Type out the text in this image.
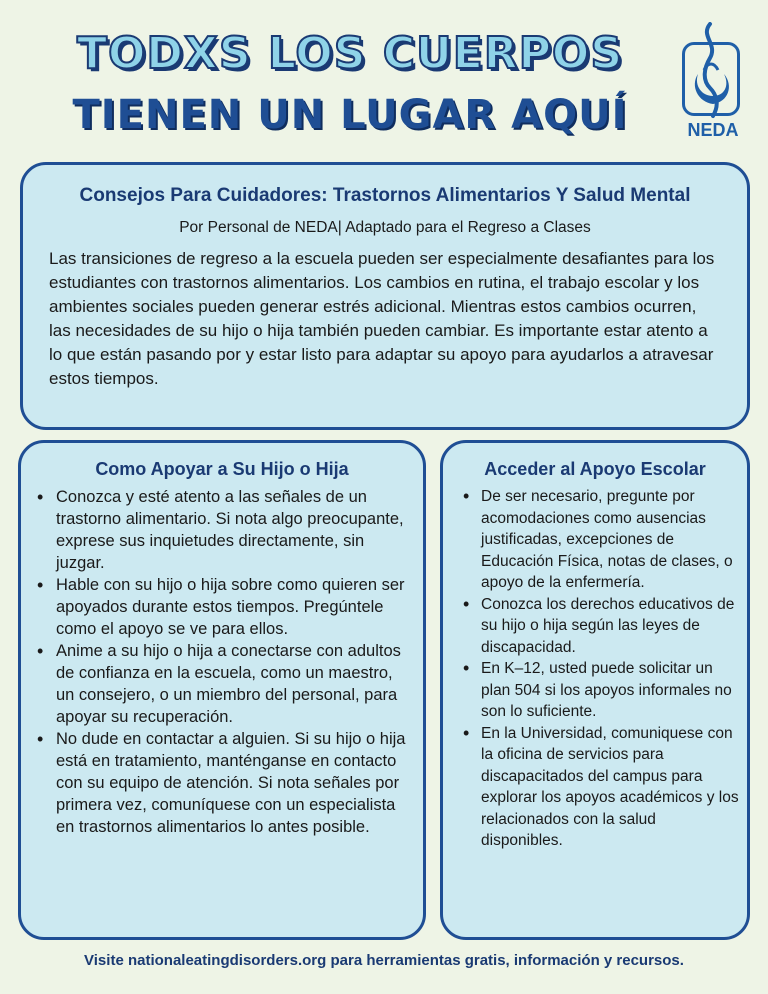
TODXS LOS CUERPOS
TIENEN UN LUGAR AQUÍ	NEDA
Consejos Para Cuidadores: Trastornos Alimentarios Y Salud Mental
Por Personal de NEDA| Adaptado para el Regreso a Clases
Las transiciones de regreso a la escuela pueden ser especialmente desafiantes para los estudiantes con trastornos alimentarios. Los cambios en rutina, el trabajo escolar y los ambientes sociales pueden generar estrés adicional. Mientras estos cambios ocurren, las necesidades de su hijo o hija también pueden cambiar. Es importante estar atento a lo que están pasando por y estar listo para adaptar su apoyo para ayudarlos a atravesar estos tiempos.
Como Apoyar a Su Hijo o Hija
• Conozca y esté atento a las señales de un trastorno alimentario. Si nota algo preocupante, exprese sus inquietudes directamente, sin juzgar.
• Hable con su hijo o hija sobre como quieren ser apoyados durante estos tiempos. Pregúntele como el apoyo se ve para ellos.
• Anime a su hijo o hija a conectarse con adultos de confianza en la escuela, como un maestro, un consejero, o un miembro del personal, para apoyar su recuperación.
• No dude en contactar a alguien. Si su hijo o hija está en tratamiento, manténganse en contacto con su equipo de atención. Si nota señales por primera vez, comuníquese con un especialista en trastornos alimentarios lo antes posible.
Acceder al Apoyo Escolar
• De ser necesario, pregunte por acomodaciones como ausencias justificadas, excepciones de Educación Física, notas de clases, o apoyo de la enfermería.
• Conozca los derechos educativos de su hijo o hija según las leyes de discapacidad.
• En K–12, usted puede solicitar un plan 504 si los apoyos informales no son lo suficiente.
• En la Universidad, comuniquese con la oficina de servicios para discapacitados del campus para explorar los apoyos académicos y los relacionados con la salud disponibles.
Visite nationaleatingdisorders.org para herramientas gratis, información y recursos.
